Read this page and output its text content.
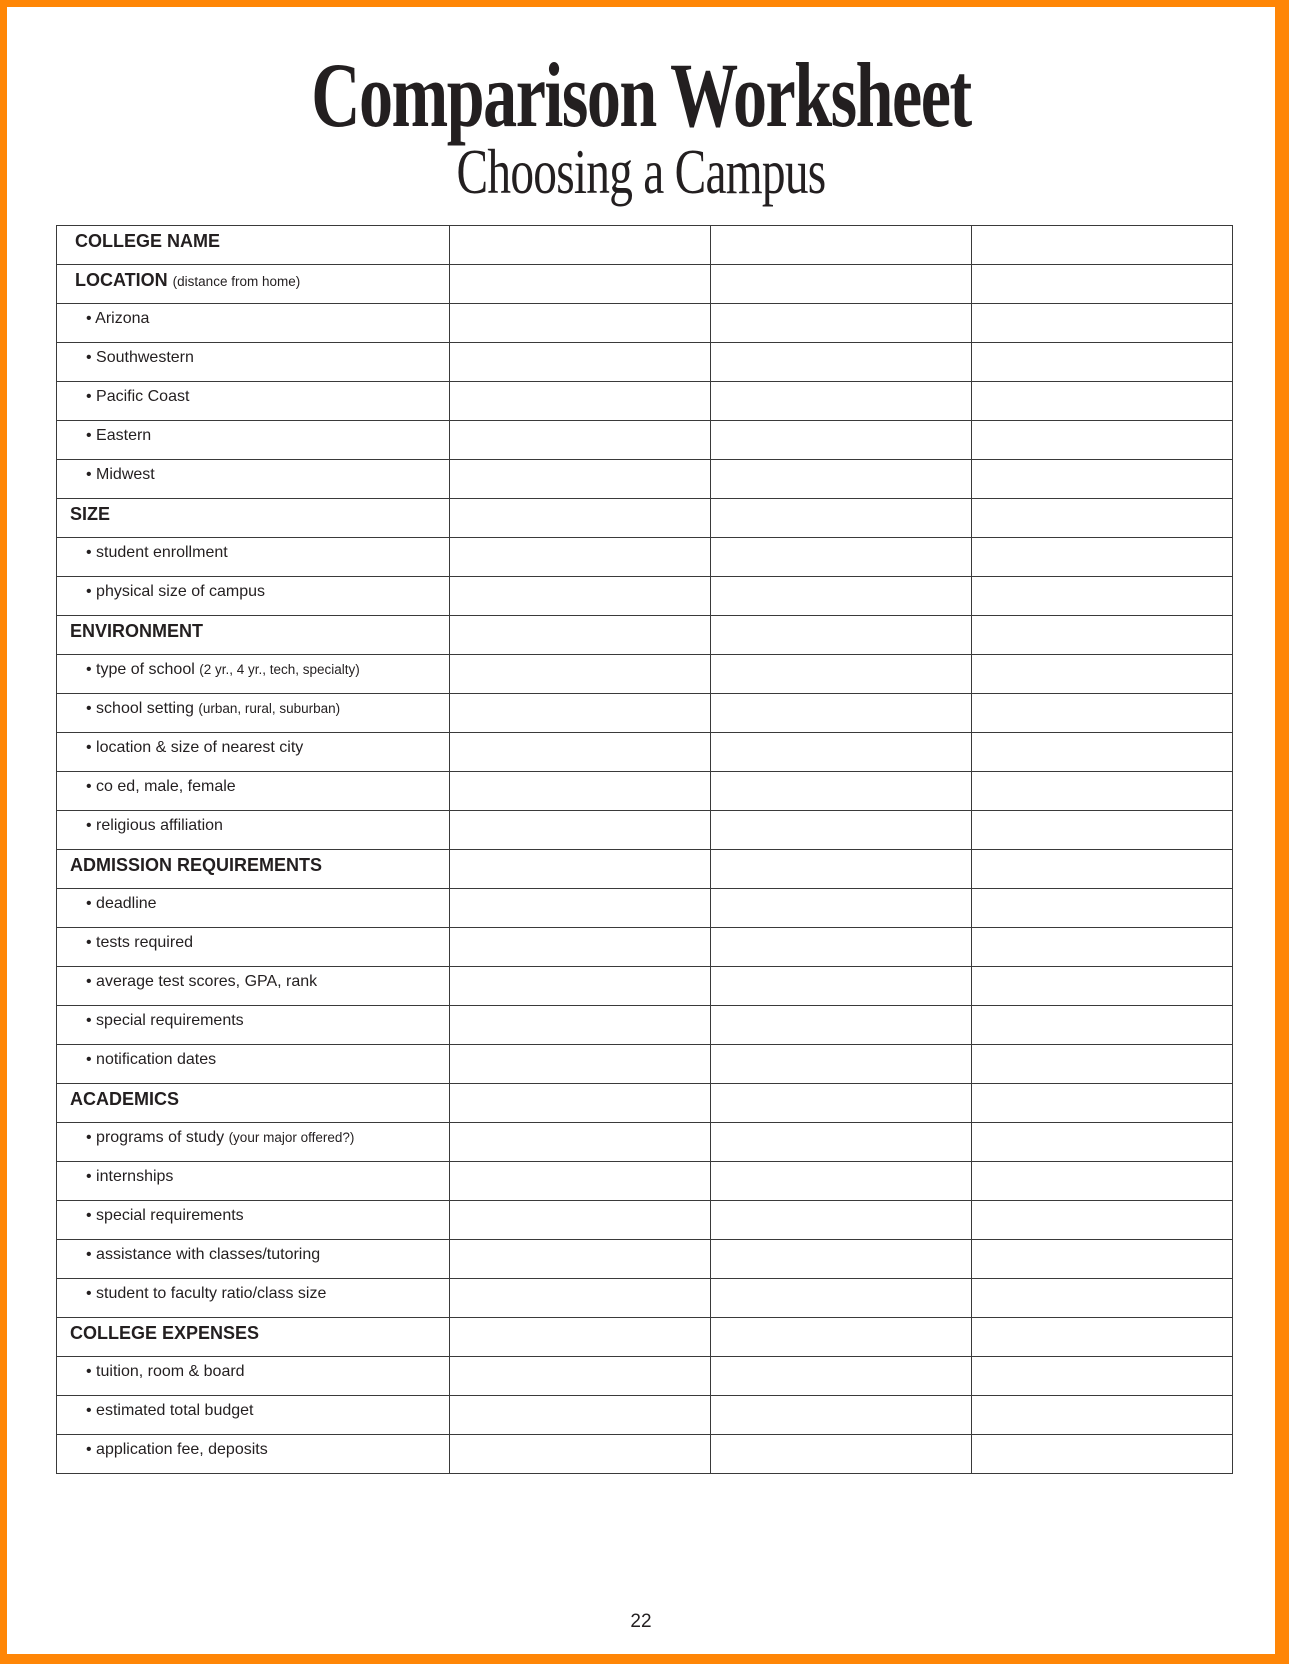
Comparison Worksheet
Choosing a Campus
COLLEGE NAME			

LOCATION (distance from home)			

• Arizona			

• Southwestern			

• Pacific Coast			

• Eastern			

• Midwest			

SIZE			

• student enrollment			

• physical size of campus			

ENVIRONMENT			

• type of school (2 yr., 4 yr., tech, specialty)			

• school setting (urban, rural, suburban)			

• location & size of nearest city			

• co ed, male, female			

• religious affiliation			

ADMISSION REQUIREMENTS			

• deadline			

• tests required			

• average test scores, GPA, rank			

• special requirements			

• notification dates			

ACADEMICS			

• programs of study (your major offered?)			

• internships			

• special requirements			

• assistance with classes/tutoring			

• student to faculty ratio/class size			

COLLEGE EXPENSES			

• tuition, room & board			

• estimated total budget			

• application fee, deposits			

22
